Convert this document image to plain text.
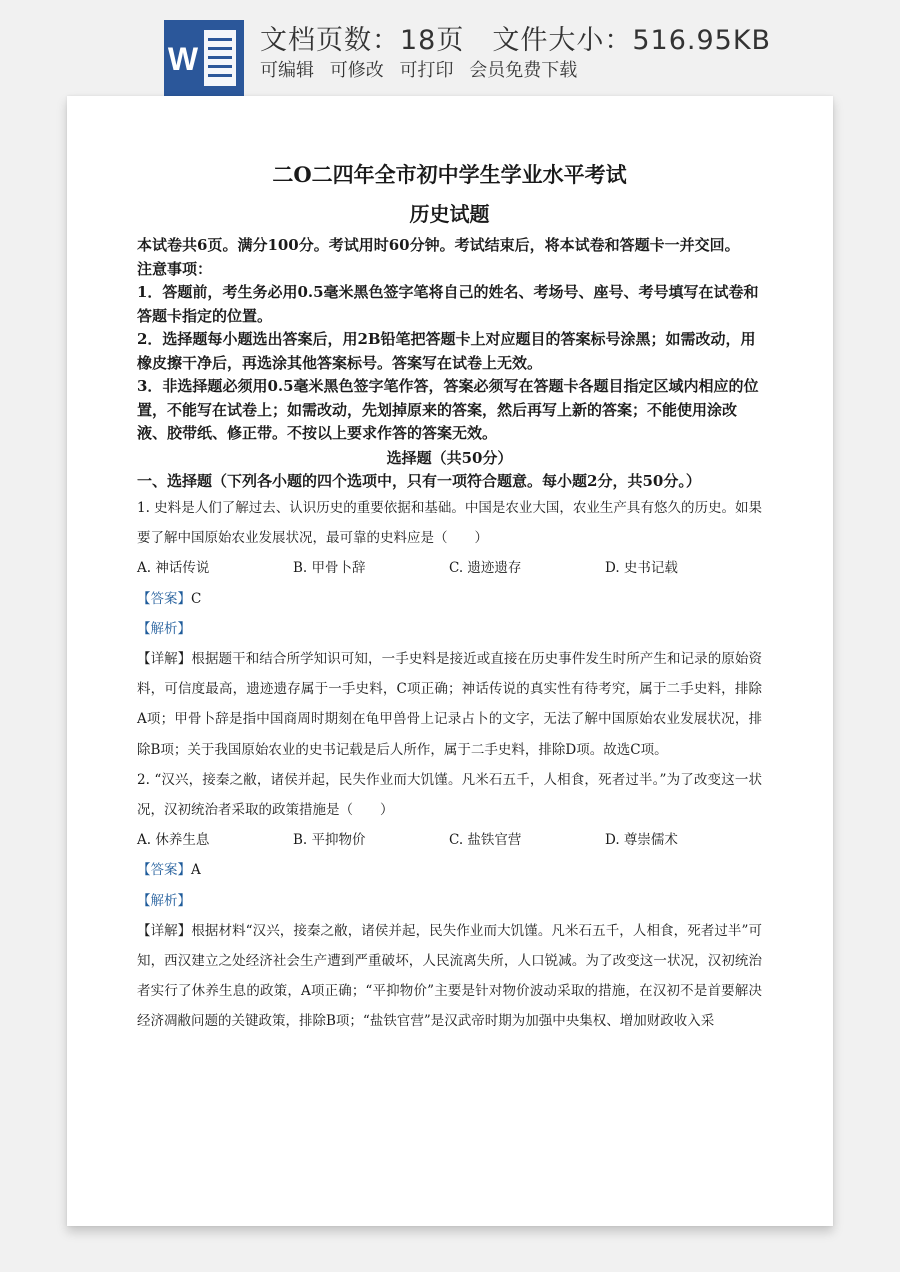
W
文档页数：18页 文件大小：516.95KB
可编辑 可修改 可打印 会员免费下载
二O二四年全市初中学生学业水平考试
历史试题

本试卷共6页。满分100分。考试用时60分钟。考试结束后，将本试卷和答题卡一并交回。

注意事项：

1．答题前，考生务必用0.5毫米黑色签字笔将自己的姓名、考场号、座号、考号填写在试卷和答题卡指定的位置。

2．选择题每小题选出答案后，用2B铅笔把答题卡上对应题目的答案标号涂黑；如需改动，用橡皮擦干净后，再选涂其他答案标号。答案写在试卷上无效。

3．非选择题必须用0.5毫米黑色签字笔作答，答案必须写在答题卡各题目指定区域内相应的位置，不能写在试卷上；如需改动，先划掉原来的答案，然后再写上新的答案；不能使用涂改液、胶带纸、修正带。不按以上要求作答的答案无效。

选择题（共50分）

一、选择题（下列各小题的四个选项中，只有一项符合题意。每小题2分，共50分。）

1. 史料是人们了解过去、认识历史的重要依据和基础。中国是农业大国，农业生产具有悠久的历史。如果要了解中国原始农业发展状况，最可靠的史料应是（　　）

A. 神话传说	B. 甲骨卜辞	C. 遗迹遗存	D. 史书记载

【答案】C

【解析】

【详解】根据题干和结合所学知识可知，一手史料是接近或直接在历史事件发生时所产生和记录的原始资料，可信度最高，遗迹遗存属于一手史料，C项正确；神话传说的真实性有待考究，属于二手史料，排除A项；甲骨卜辞是指中国商周时期刻在龟甲兽骨上记录占卜的文字，无法了解中国原始农业发展状况，排除B项；关于我国原始农业的史书记载是后人所作，属于二手史料，排除D项。故选C项。

2. “汉兴，接秦之敝，诸侯并起，民失作业而大饥馑。凡米石五千，人相食，死者过半。”为了改变这一状况，汉初统治者采取的政策措施是（　　）

A. 休养生息	B. 平抑物价	C. 盐铁官营	D. 尊崇儒术

【答案】A

【解析】

【详解】根据材料“汉兴，接秦之敝，诸侯并起，民失作业而大饥馑。凡米石五千，人相食，死者过半”可知，西汉建立之处经济社会生产遭到严重破坏，人民流离失所，人口锐减。为了改变这一状况，汉初统治者实行了休养生息的政策，A项正确；“平抑物价”主要是针对物价波动采取的措施，在汉初不是首要解决经济凋敝问题的关键政策，排除B项；“盐铁官营”是汉武帝时期为加强中央集权、增加财政收入采
